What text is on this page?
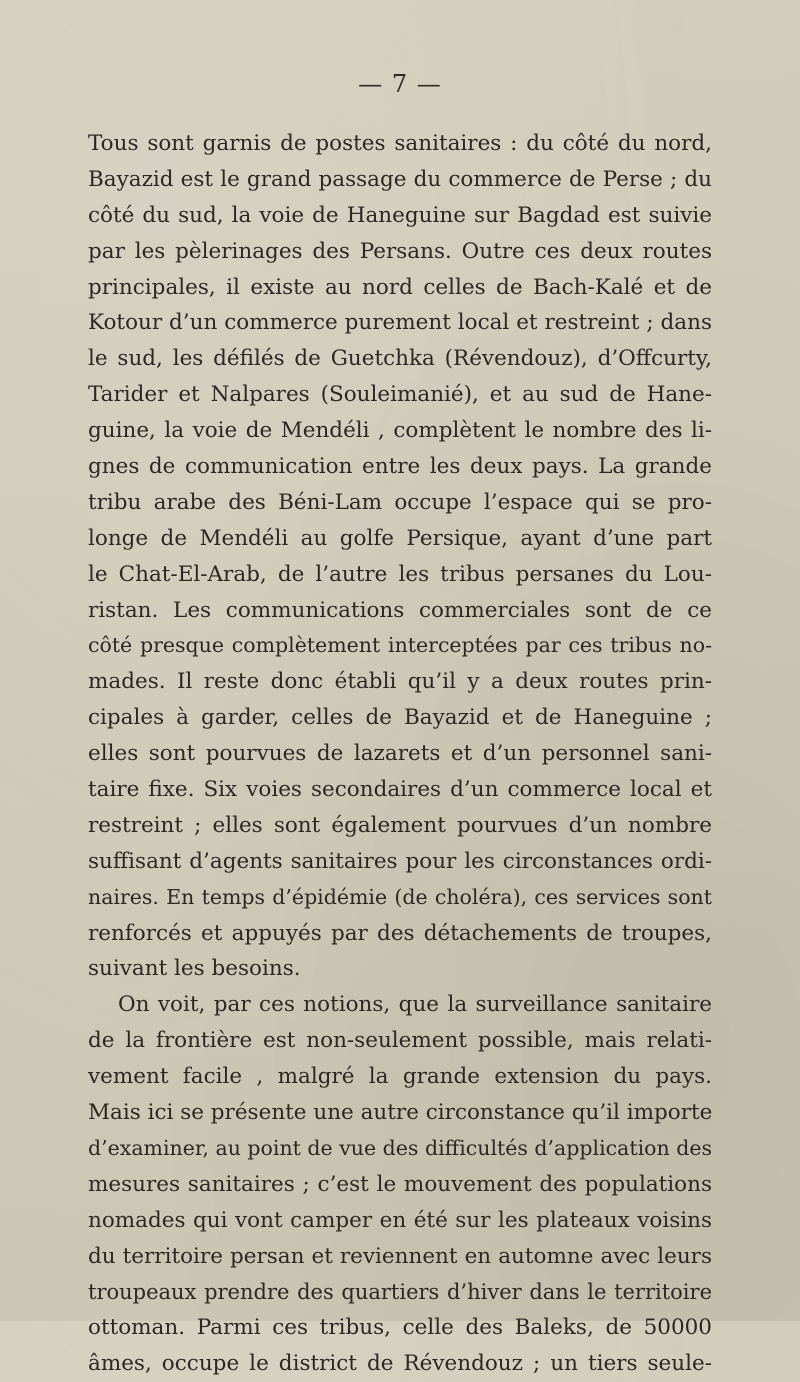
— 7 —
Tous sont garnis de postes sanitaires : du côté du nord,
Bayazid est le grand passage du commerce de Perse ; du
côté du sud, la voie de Haneguine sur Bagdad est suivie
par les pèlerinages des Persans. Outre ces deux routes
principales, il existe au nord celles de Bach-Kalé et de
Kotour d’un commerce purement local et restreint ; dans
le sud, les défilés de Guetchka (Révendouz), d’Offcurty,
Tarider et Nalpares (Souleimanié), et au sud de Hane-
guine, la voie de Mendéli , complètent le nombre des li-
gnes de communication entre les deux pays. La grande
tribu arabe des Béni-Lam occupe l’espace qui se pro-
longe de Mendéli au golfe Persique, ayant d’une part
le Chat-El-Arab, de l’autre les tribus persanes du Lou-
ristan. Les communications commerciales sont de ce
côté presque complètement interceptées par ces tribus no-
mades. Il reste donc établi qu’il y a deux routes prin-
cipales à garder, celles de Bayazid et de Haneguine ;
elles sont pourvues de lazarets et d’un personnel sani-
taire fixe. Six voies secondaires d’un commerce local et
restreint ; elles sont également pourvues d’un nombre
suffisant d’agents sanitaires pour les circonstances ordi-
naires. En temps d’épidémie (de choléra), ces services sont
renforcés et appuyés par des détachements de troupes,
suivant les besoins.
On voit, par ces notions, que la surveillance sanitaire
de la frontière est non-seulement possible, mais relati-
vement facile , malgré la grande extension du pays.
Mais ici se présente une autre circonstance qu’il importe
d’examiner, au point de vue des difficultés d’application des
mesures sanitaires ; c’est le mouvement des populations
nomades qui vont camper en été sur les plateaux voisins
du territoire persan et reviennent en automne avec leurs
troupeaux prendre des quartiers d’hiver dans le territoire
ottoman. Parmi ces tribus, celle des Baleks, de 50000
âmes, occupe le district de Révendouz ; un tiers seule-
